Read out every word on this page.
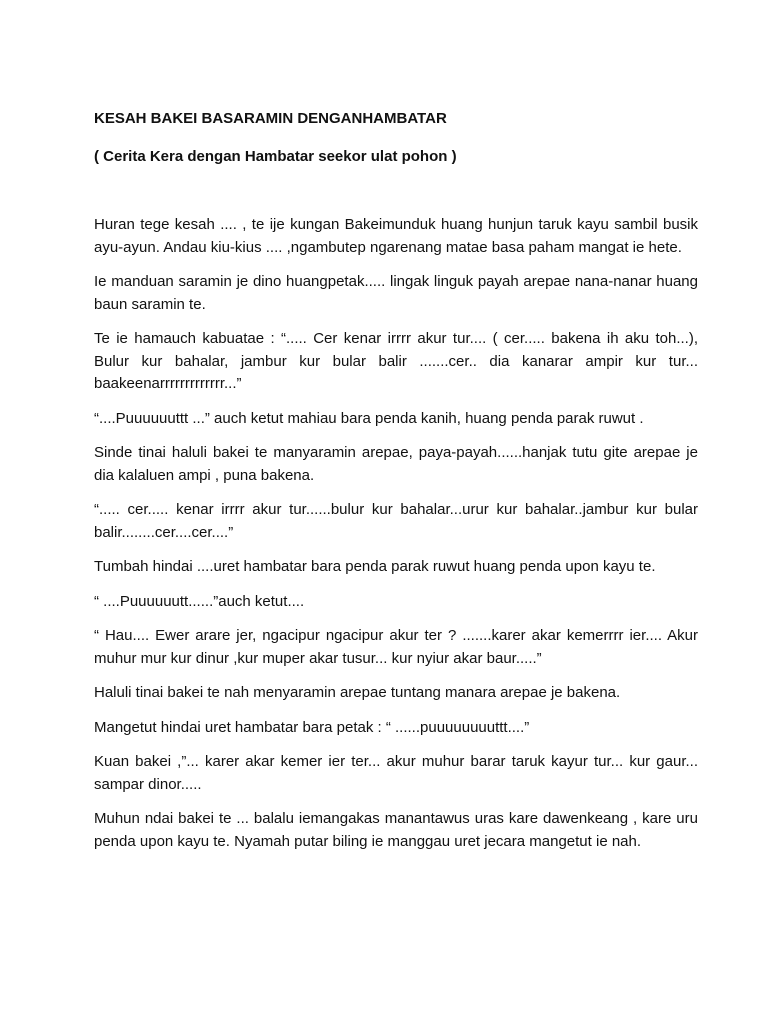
KESAH BAKEI BASARAMIN DENGANHAMBATAR

( Cerita Kera dengan Hambatar seekor ulat pohon )

Huran tege kesah .... , te ije kungan Bakeimunduk huang hunjun taruk kayu sambil busik ayu-ayun. Andau kiu-kius .... ,ngambutep ngarenang matae basa paham mangat ie hete.

Ie manduan saramin je dino huangpetak..... lingak linguk payah arepae nana-nanar huang baun saramin te.

Te ie hamauch kabuatae : “..... Cer kenar irrrr akur tur.... ( cer..... bakena ih aku toh...), Bulur kur bahalar, jambur kur bular balir .......cer.. dia kanarar ampir kur tur... baakeenarrrrrrrrrrrrr...”

“....Puuuuuuttt ...” auch ketut mahiau bara penda kanih, huang penda parak ruwut .

Sinde tinai haluli bakei te manyaramin arepae, paya-payah......hanjak tutu gite arepae je dia kalaluen ampi , puna bakena.

“..... cer..... kenar irrrr akur tur......bulur kur bahalar...urur kur bahalar..jambur kur bular balir........cer....cer....”

Tumbah hindai ....uret hambatar bara penda parak ruwut huang penda upon kayu te.

“ ....Puuuuuutt......”auch ketut....

“ Hau.... Ewer arare jer, ngacipur ngacipur akur ter ? .......karer akar kemerrrr ier.... Akur muhur mur kur dinur ,kur muper akar tusur... kur nyiur akar baur.....”

Haluli tinai bakei te nah menyaramin arepae tuntang manara arepae je bakena.

Mangetut hindai uret hambatar bara petak : “ ......puuuuuuuuttt....”

Kuan bakei ,”... karer akar kemer ier ter... akur muhur barar taruk kayur tur... kur gaur... sampar dinor.....

Muhun ndai bakei te ... balalu iemangakas manantawus uras kare dawenkeang , kare uru penda upon kayu te. Nyamah putar biling ie manggau uret jecara mangetut ie nah.
